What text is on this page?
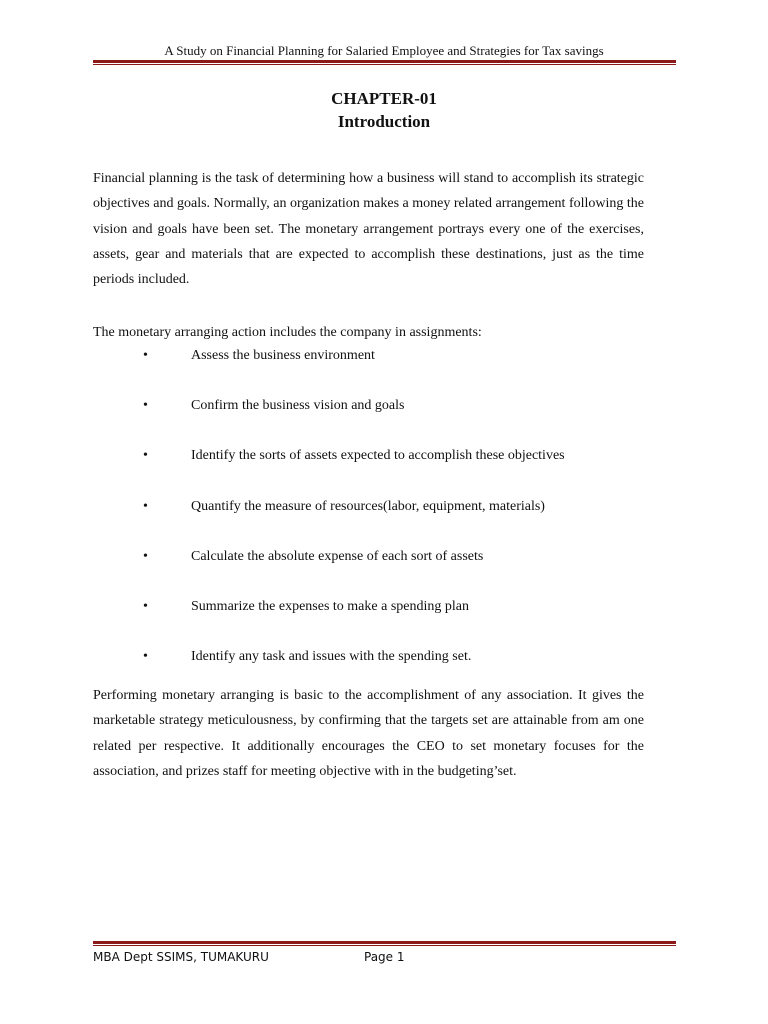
A Study on Financial Planning for Salaried Employee and Strategies for Tax savings
CHAPTER-01
Introduction

Financial planning is the task of determining how a business will stand to accomplish its strategic objectives and goals. Normally, an organization makes a money related arrangement following the vision and goals have been set. The monetary arrangement portrays every one of the exercises, assets, gear and materials that are expected to accomplish these destinations, just as the time periods included.

The monetary arranging action includes the company in assignments:

•	Assess the business environment
•	Confirm the business vision and goals
•	Identify the sorts of assets expected to accomplish these objectives
•	Quantify the measure of resources(labor, equipment, materials)
•	Calculate the absolute expense of each sort of assets
•	Summarize the expenses to make a spending plan
•	Identify any task and issues with the spending set.

Performing monetary arranging is basic to the accomplishment of any association. It gives the marketable strategy meticulousness, by confirming that the targets set are attainable from am one related per respective. It additionally encourages the CEO to set monetary focuses for the association, and prizes staff for meeting objective with in the budgeting’set.

MBA Dept SSIMS, TUMAKURU	Page 1
